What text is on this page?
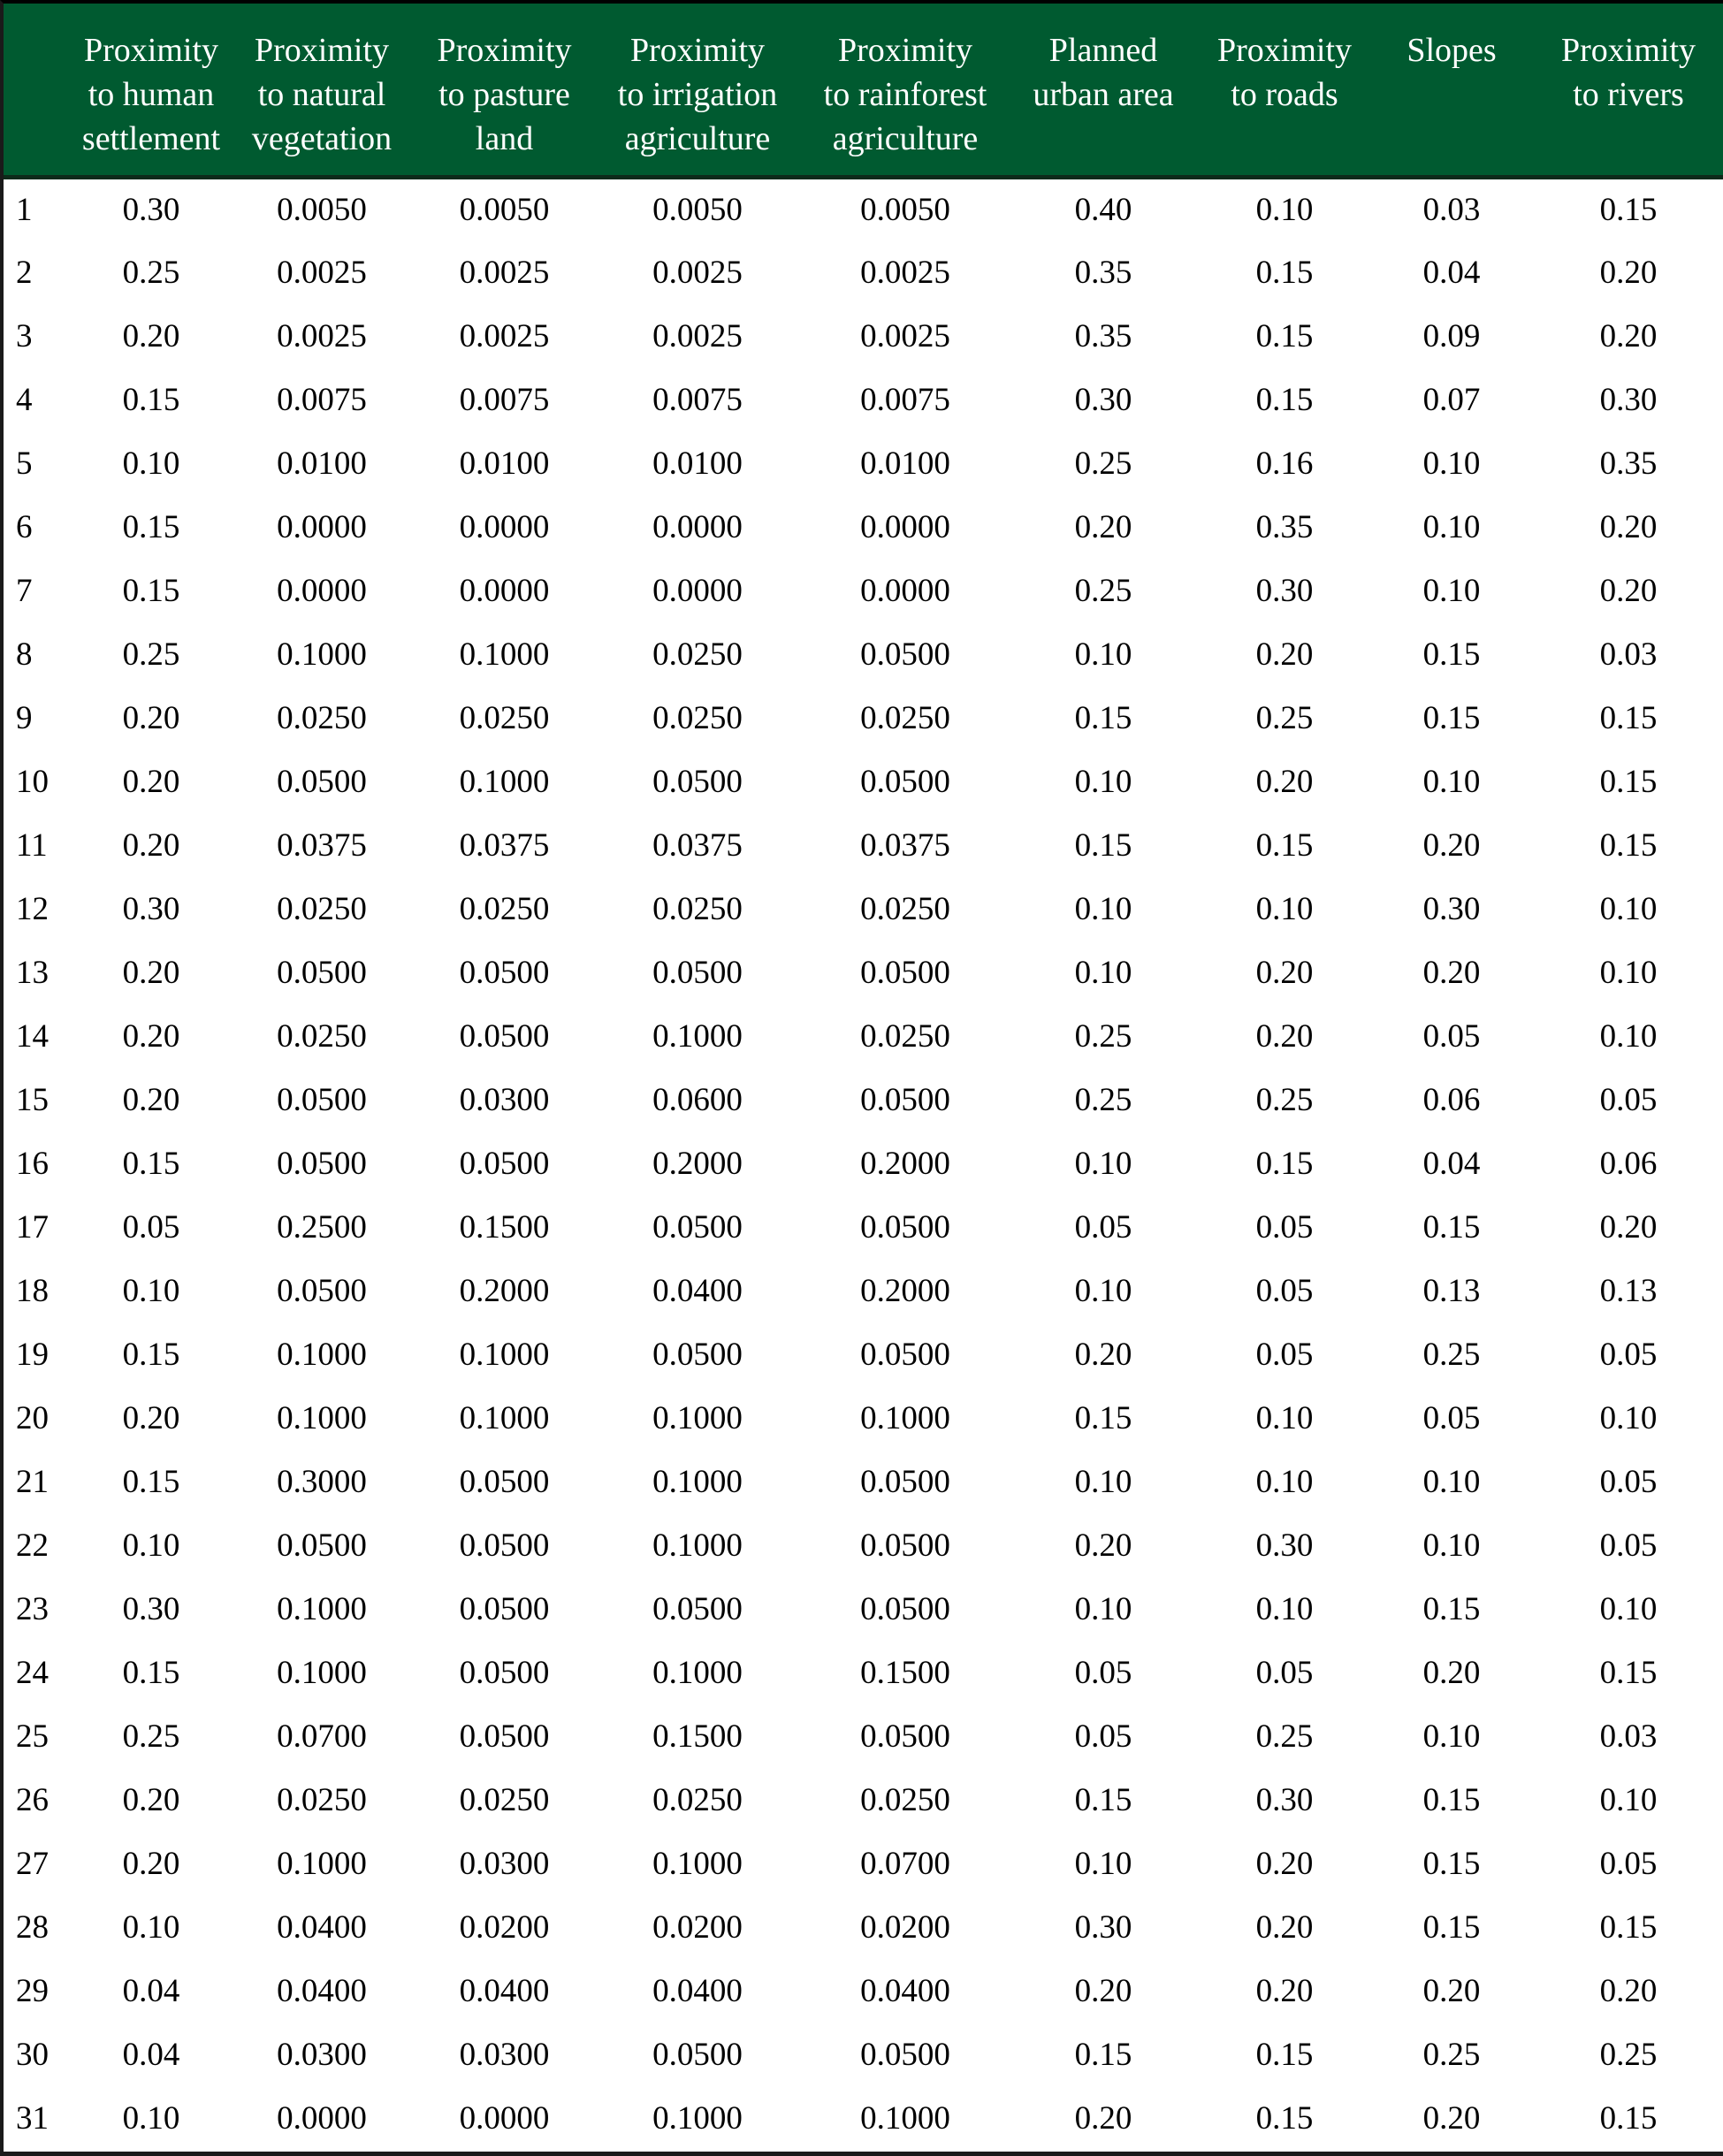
	Proximity
to human
settlement	Proximity
to natural
vegetation	Proximity
to pasture
land	Proximity
to irrigation
agriculture	Proximity
to rainforest
agriculture	Planned
urban area	Proximity
to roads	Slopes	Proximity
to rivers

1	0.30	0.0050	0.0050	0.0050	0.0050	0.40	0.10	0.03	0.15
2	0.25	0.0025	0.0025	0.0025	0.0025	0.35	0.15	0.04	0.20
3	0.20	0.0025	0.0025	0.0025	0.0025	0.35	0.15	0.09	0.20
4	0.15	0.0075	0.0075	0.0075	0.0075	0.30	0.15	0.07	0.30
5	0.10	0.0100	0.0100	0.0100	0.0100	0.25	0.16	0.10	0.35
6	0.15	0.0000	0.0000	0.0000	0.0000	0.20	0.35	0.10	0.20
7	0.15	0.0000	0.0000	0.0000	0.0000	0.25	0.30	0.10	0.20
8	0.25	0.1000	0.1000	0.0250	0.0500	0.10	0.20	0.15	0.03
9	0.20	0.0250	0.0250	0.0250	0.0250	0.15	0.25	0.15	0.15
10	0.20	0.0500	0.1000	0.0500	0.0500	0.10	0.20	0.10	0.15
11	0.20	0.0375	0.0375	0.0375	0.0375	0.15	0.15	0.20	0.15
12	0.30	0.0250	0.0250	0.0250	0.0250	0.10	0.10	0.30	0.10
13	0.20	0.0500	0.0500	0.0500	0.0500	0.10	0.20	0.20	0.10
14	0.20	0.0250	0.0500	0.1000	0.0250	0.25	0.20	0.05	0.10
15	0.20	0.0500	0.0300	0.0600	0.0500	0.25	0.25	0.06	0.05
16	0.15	0.0500	0.0500	0.2000	0.2000	0.10	0.15	0.04	0.06
17	0.05	0.2500	0.1500	0.0500	0.0500	0.05	0.05	0.15	0.20
18	0.10	0.0500	0.2000	0.0400	0.2000	0.10	0.05	0.13	0.13
19	0.15	0.1000	0.1000	0.0500	0.0500	0.20	0.05	0.25	0.05
20	0.20	0.1000	0.1000	0.1000	0.1000	0.15	0.10	0.05	0.10
21	0.15	0.3000	0.0500	0.1000	0.0500	0.10	0.10	0.10	0.05
22	0.10	0.0500	0.0500	0.1000	0.0500	0.20	0.30	0.10	0.05
23	0.30	0.1000	0.0500	0.0500	0.0500	0.10	0.10	0.15	0.10
24	0.15	0.1000	0.0500	0.1000	0.1500	0.05	0.05	0.20	0.15
25	0.25	0.0700	0.0500	0.1500	0.0500	0.05	0.25	0.10	0.03
26	0.20	0.0250	0.0250	0.0250	0.0250	0.15	0.30	0.15	0.10
27	0.20	0.1000	0.0300	0.1000	0.0700	0.10	0.20	0.15	0.05
28	0.10	0.0400	0.0200	0.0200	0.0200	0.30	0.20	0.15	0.15
29	0.04	0.0400	0.0400	0.0400	0.0400	0.20	0.20	0.20	0.20
30	0.04	0.0300	0.0300	0.0500	0.0500	0.15	0.15	0.25	0.25
31	0.10	0.0000	0.0000	0.1000	0.1000	0.20	0.15	0.20	0.15
